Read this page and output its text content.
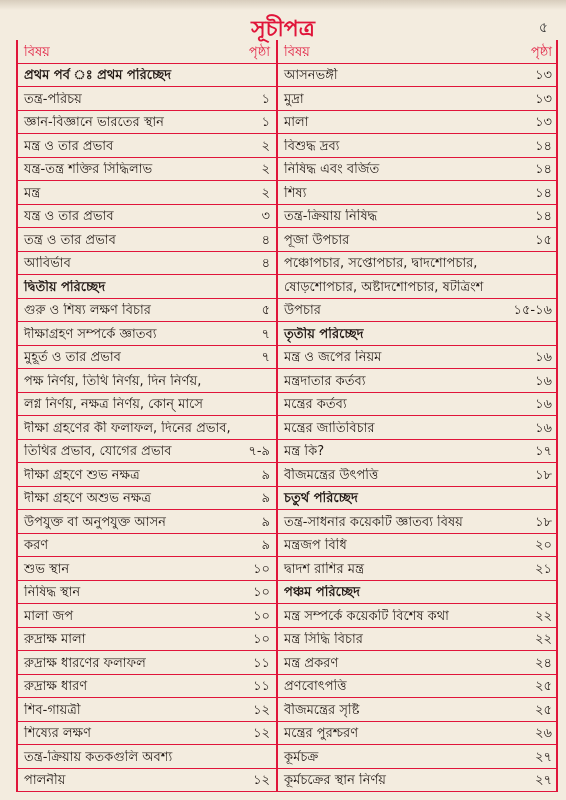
সূচীপত্র	৫
বিষয়	পৃষ্ঠা
প্রথম পর্ব ঃ প্রথম পরিচ্ছেদ
তন্ত্র-পরিচয়	১
জ্ঞান-বিজ্ঞানে ভারতের স্থান	১
মন্ত্র ও তার প্রভাব	২
যন্ত্র-তন্ত্র শক্তির সিদ্ধিলাভ	২
মন্ত্র	২
যন্ত্র ও তার প্রভাব	৩
তন্ত্র ও তার প্রভাব	৪
আবির্ভাব	৪
দ্বিতীয় পরিচ্ছেদ
গুরু ও শিষ্য লক্ষণ বিচার	৫
দীক্ষাগ্রহণ সম্পর্কে জ্ঞাতব্য	৭
মুহূর্ত ও তার প্রভাব	৭
পক্ষ নির্ণয়, তিথি নির্ণয়, দিন নির্ণয়,
লগ্ন নির্ণয়, নক্ষত্র নির্ণয়, কোন্ মাসে
দীক্ষা গ্রহণের কী ফলাফল, দিনের প্রভাব,
তিথির প্রভাব, যোগের প্রভাব	৭-৯
দীক্ষা গ্রহণে শুভ নক্ষত্র	৯
দীক্ষা গ্রহণে অশুভ নক্ষত্র	৯
উপযুক্ত বা অনুপযুক্ত আসন	৯
করণ	৯
শুভ স্থান	১০
নিষিদ্ধ স্থান	১০
মালা জপ	১০
রুদ্রাক্ষ মালা	১০
রুদ্রাক্ষ ধারণের ফলাফল	১১
রুদ্রাক্ষ ধারণ	১১
শিব-গায়ত্রী	১২
শিষ্যের লক্ষণ	১২
তন্ত্র-ক্রিয়ায় কতকগুলি অবশ্য
পালনীয়	১২
বিষয়	পৃষ্ঠা
আসনভঙ্গী	১৩
মুদ্রা	১৩
মালা	১৩
বিশুদ্ধ দ্রব্য	১৪
নিষিদ্ধ এবং বর্জিত	১৪
শিষ্য	১৪
তন্ত্র-ক্রিয়ায় নিষিদ্ধ	১৪
পূজা উপচার	১৫
পঞ্চোপচার, সপ্তোপচার, দ্বাদশোপচার,
ষোড়শোপচার, অষ্টাদশোপচার, ষটত্রিংশ
উপচার	১৫-১৬
তৃতীয় পরিচ্ছেদ
মন্ত্র ও জপের নিয়ম	১৬
মন্ত্রদাতার কর্তব্য	১৬
মন্ত্রের কর্তব্য	১৬
মন্ত্রের জাতিবিচার	১৬
মন্ত্র কি?	১৭
বীজমন্ত্রের উৎপত্তি	১৮
চতুর্থ পরিচ্ছেদ
তন্ত্র-সাধনার কয়েকটি জ্ঞাতব্য বিষয়	১৮
মন্ত্রজপ বিধি	২০
দ্বাদশ রাশির মন্ত্র	২১
পঞ্চম পরিচ্ছেদ
মন্ত্র সম্পর্কে কয়েকটি বিশেষ কথা	২২
মন্ত্র সিদ্ধি বিচার	২২
মন্ত্র প্রকরণ	২৪
প্রণবোৎপত্তি	২৫
বীজমন্ত্রের সৃষ্টি	২৫
মন্ত্রের পুরশ্চরণ	২৬
কূর্মচক্র	২৭
কূর্মচক্রের স্থান নির্ণয়	২৭
